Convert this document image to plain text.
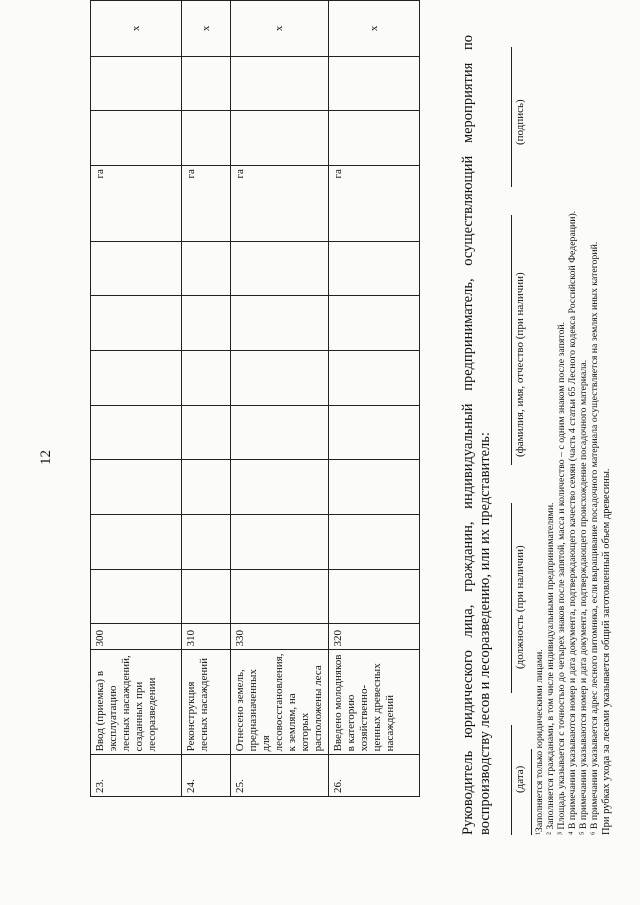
12
23.	Ввод (приемка) в эксплуатацию лесных насаждений, созданных при лесоразведении	300								га			x
24.	Реконструкция лесных насаждений	310								га			x
25.	Отнесено земель, предназначенных для лесовосстановления, к землям, на которых расположены леса	330								га			x
26.	Введено молодняков в категорию хозяйственно-ценных древесных насаждений	320								га			x
Руководитель юридического лица, гражданин, индивидуальный предприниматель, осуществляющий мероприятия по воспроизводству лесов и лесоразведению, или их представитель: (дата)
(должность (при наличии)
(фамилия, имя, отчество (при наличии)
(подпись)
¹Заполняется только юридическими лицами. ² Заполняется гражданами, в том числе индивидуальными предпринимателями. ³ Площадь указывается с точностью до четырех знаков после запятой, масса и количество – с одним знаком после запятой. ⁴ В примечании указываются номер и дата документа, подтверждающего качество семян (часть 4 статьи 65 Лесного кодекса Российской Федерации). ⁵ В примечании указываются номер и дата документа, подтверждающего происхождение посадочного материала. ⁶ В примечании указывается адрес лесного питомника, если выращивание посадочного материала осуществляется на землях иных категорий. При рубках ухода за лесами указывается общий заготовленный объем древесины.
